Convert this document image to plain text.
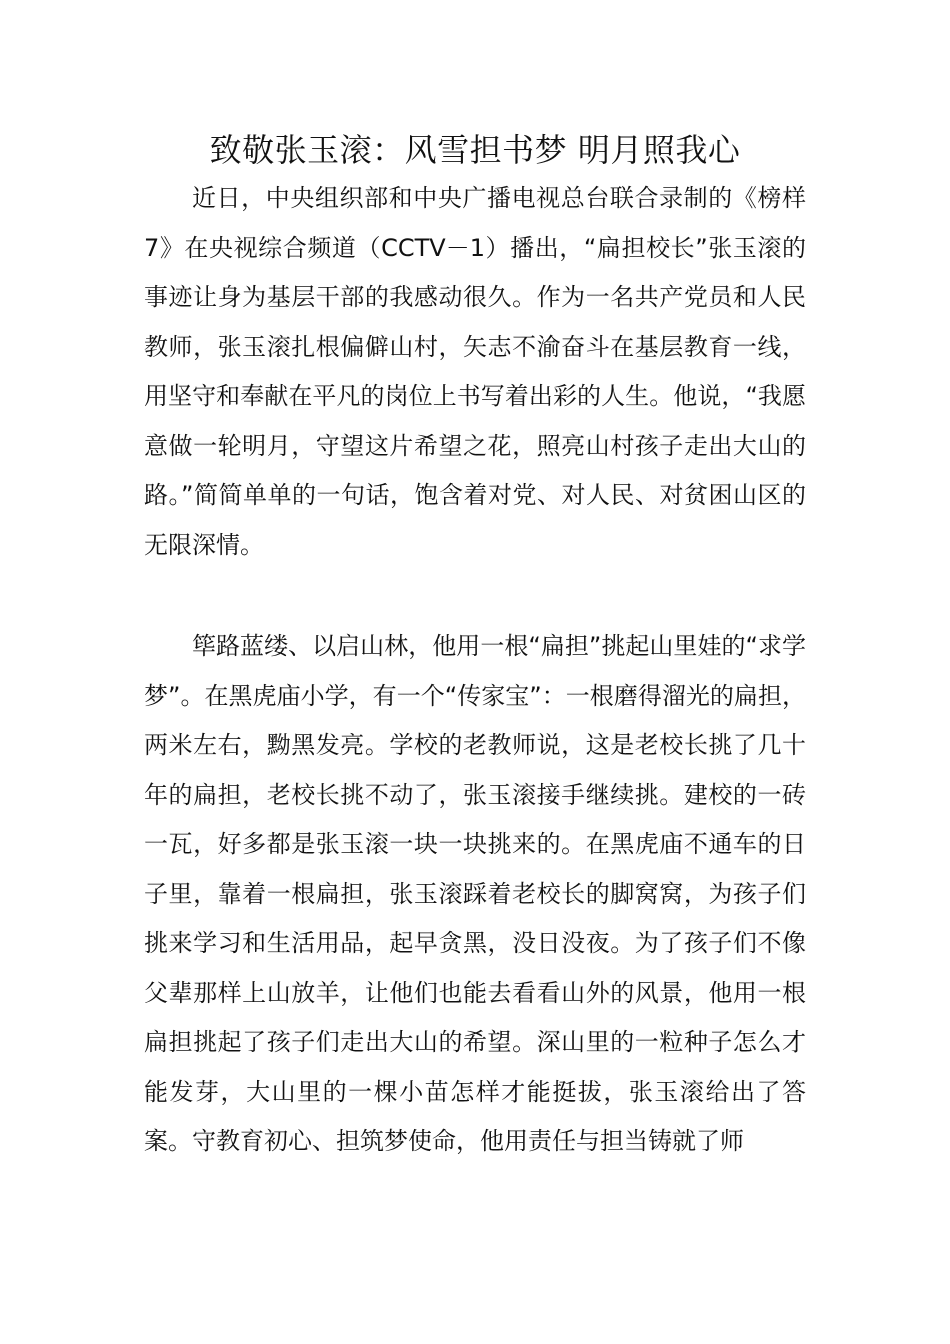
致敬张玉滚：风雪担书梦 明月照我心

近日，中央组织部和中央广播电视总台联合录制的《榜样 7》在央视综合频道（CCTV－1）播出，“扁担校长”张玉滚的事迹让身为基层干部的我感动很久。作为一名共产党员和人民教师，张玉滚扎根偏僻山村，矢志不渝奋斗在基层教育一线，用坚守和奉献在平凡的岗位上书写着出彩的人生。他说，“我愿意做一轮明月，守望这片希望之花，照亮山村孩子走出大山的路。”简简单单的一句话，饱含着对党、对人民、对贫困山区的无限深情。

筚路蓝缕、以启山林，他用一根“扁担”挑起山里娃的“求学梦”。在黑虎庙小学，有一个“传家宝”：一根磨得溜光的扁担，两米左右，黝黑发亮。学校的老教师说，这是老校长挑了几十年的扁担，老校长挑不动了，张玉滚接手继续挑。建校的一砖一瓦，好多都是张玉滚一块一块挑来的。在黑虎庙不通车的日子里，靠着一根扁担，张玉滚踩着老校长的脚窝窝，为孩子们挑来学习和生活用品，起早贪黑，没日没夜。为了孩子们不像父辈那样上山放羊，让他们也能去看看山外的风景，他用一根扁担挑起了孩子们走出大山的希望。深山里的一粒种子怎么才能发芽，大山里的一棵小苗怎样才能挺拔，张玉滚给出了答案。守教育初心、担筑梦使命，他用责任与担当铸就了师
